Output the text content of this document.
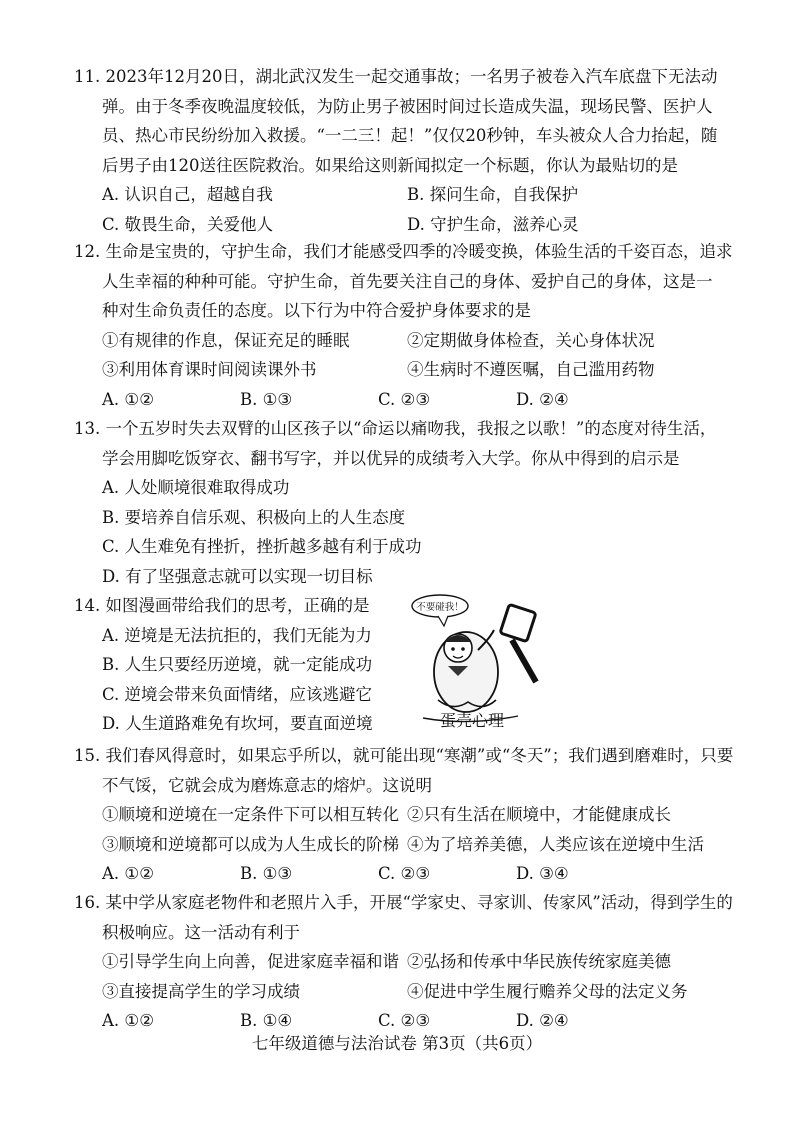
11. 2023年12月20日，湖北武汉发生一起交通事故；一名男子被卷入汽车底盘下无法动
弹。由于冬季夜晚温度较低，为防止男子被困时间过长造成失温，现场民警、医护人
员、热心市民纷纷加入救援。“一二三！起！”仅仅20秒钟，车头被众人合力抬起，随
后男子由120送往医院救治。如果给这则新闻拟定一个标题，你认为最贴切的是
A. 认识自己，超越自我	B. 探问生命，自我保护
C. 敬畏生命，关爱他人	D. 守护生命，滋养心灵
12. 生命是宝贵的，守护生命，我们才能感受四季的冷暖变换，体验生活的千姿百态，追求
人生幸福的种种可能。守护生命，首先要关注自己的身体、爱护自己的身体，这是一
种对生命负责任的态度。以下行为中符合爱护身体要求的是
①有规律的作息，保证充足的睡眠	②定期做身体检查，关心身体状况
③利用体育课时间阅读课外书	④生病时不遵医嘱，自己滥用药物
A. ①②	B. ①③	C. ②③	D. ②④
13. 一个五岁时失去双臂的山区孩子以“命运以痛吻我，我报之以歌！”的态度对待生活，
学会用脚吃饭穿衣、翻书写字，并以优异的成绩考入大学。你从中得到的启示是
A. 人处顺境很难取得成功
B. 要培养自信乐观、积极向上的人生态度
C. 人生难免有挫折，挫折越多越有利于成功
D. 有了坚强意志就可以实现一切目标
14. 如图漫画带给我们的思考，正确的是
A. 逆境是无法抗拒的，我们无能为力
B. 人生只要经历逆境，就一定能成功
C. 逆境会带来负面情绪，应该逃避它
D. 人生道路难免有坎坷，要直面逆境
不要碰我！
蛋壳心理
15. 我们春风得意时，如果忘乎所以，就可能出现“寒潮”或“冬天”；我们遇到磨难时，只要
不气馁，它就会成为磨炼意志的熔炉。这说明
①顺境和逆境在一定条件下可以相互转化 ②只有生活在顺境中，才能健康成长
③顺境和逆境都可以成为人生成长的阶梯 ④为了培养美德，人类应该在逆境中生活
A. ①②	B. ①③	C. ②③	D. ③④
16. 某中学从家庭老物件和老照片入手，开展“学家史、寻家训、传家风”活动，得到学生的
积极响应。这一活动有利于
①引导学生向上向善，促进家庭幸福和谐 ②弘扬和传承中华民族传统家庭美德
③直接提高学生的学习成绩	④促进中学生履行赡养父母的法定义务
A. ①②	B. ①④	C. ②③	D. ②④
七年级道德与法治试卷 第3页（共6页）
